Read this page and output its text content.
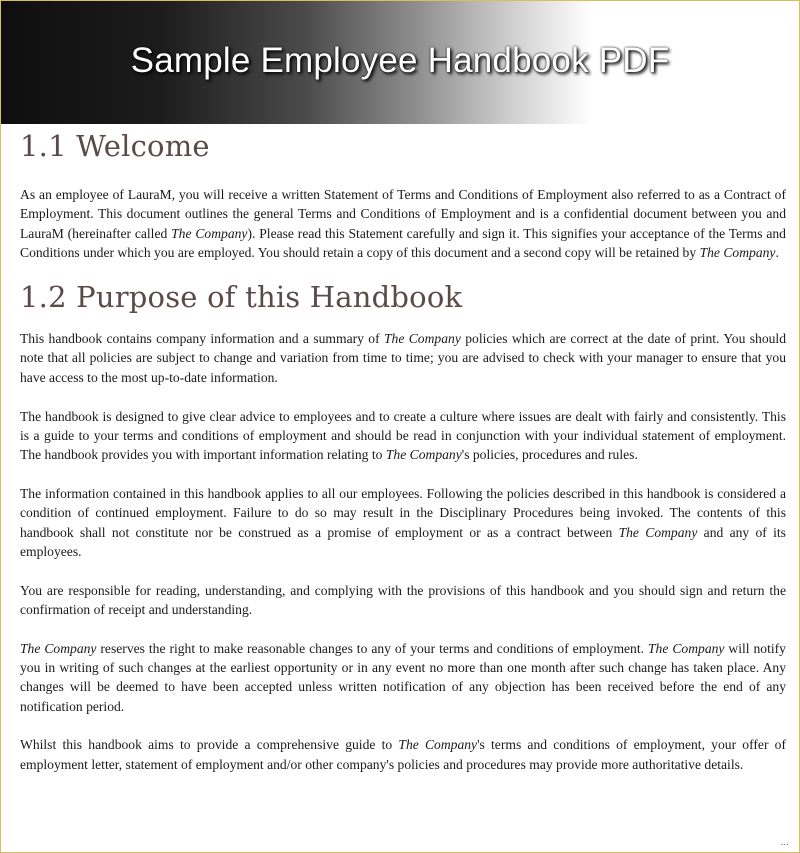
Sample Employee Handbook PDF
1.1 Welcome

As an employee of LauraM, you will receive a written Statement of Terms and Conditions of Employment also referred to as a Contract of Employment. This document outlines the general Terms and Conditions of Employment and is a confidential document between you and LauraM (hereinafter called The Company). Please read this Statement carefully and sign it. This signifies your acceptance of the Terms and Conditions under which you are employed. You should retain a copy of this document and a second copy will be retained by The Company.

1.2 Purpose of this Handbook

This handbook contains company information and a summary of The Company policies which are correct at the date of print. You should note that all policies are subject to change and variation from time to time; you are advised to check with your manager to ensure that you have access to the most up-to-date information.

The handbook is designed to give clear advice to employees and to create a culture where issues are dealt with fairly and consistently. This is a guide to your terms and conditions of employment and should be read in conjunction with your individual statement of employment. The handbook provides you with important information relating to The Company's policies, procedures and rules.

The information contained in this handbook applies to all our employees. Following the policies described in this handbook is considered a condition of continued employment. Failure to do so may result in the Disciplinary Procedures being invoked. The contents of this handbook shall not constitute nor be construed as a promise of employment or as a contract between The Company and any of its employees.

You are responsible for reading, understanding, and complying with the provisions of this handbook and you should sign and return the confirmation of receipt and understanding.

The Company reserves the right to make reasonable changes to any of your terms and conditions of employment. The Company will notify you in writing of such changes at the earliest opportunity or in any event no more than one month after such change has taken place. Any changes will be deemed to have been accepted unless written notification of any objection has been received before the end of any notification period.

Whilst this handbook aims to provide a comprehensive guide to The Company's terms and conditions of employment, your offer of employment letter, statement of employment and/or other company's policies and procedures may provide more authoritative details.

...
